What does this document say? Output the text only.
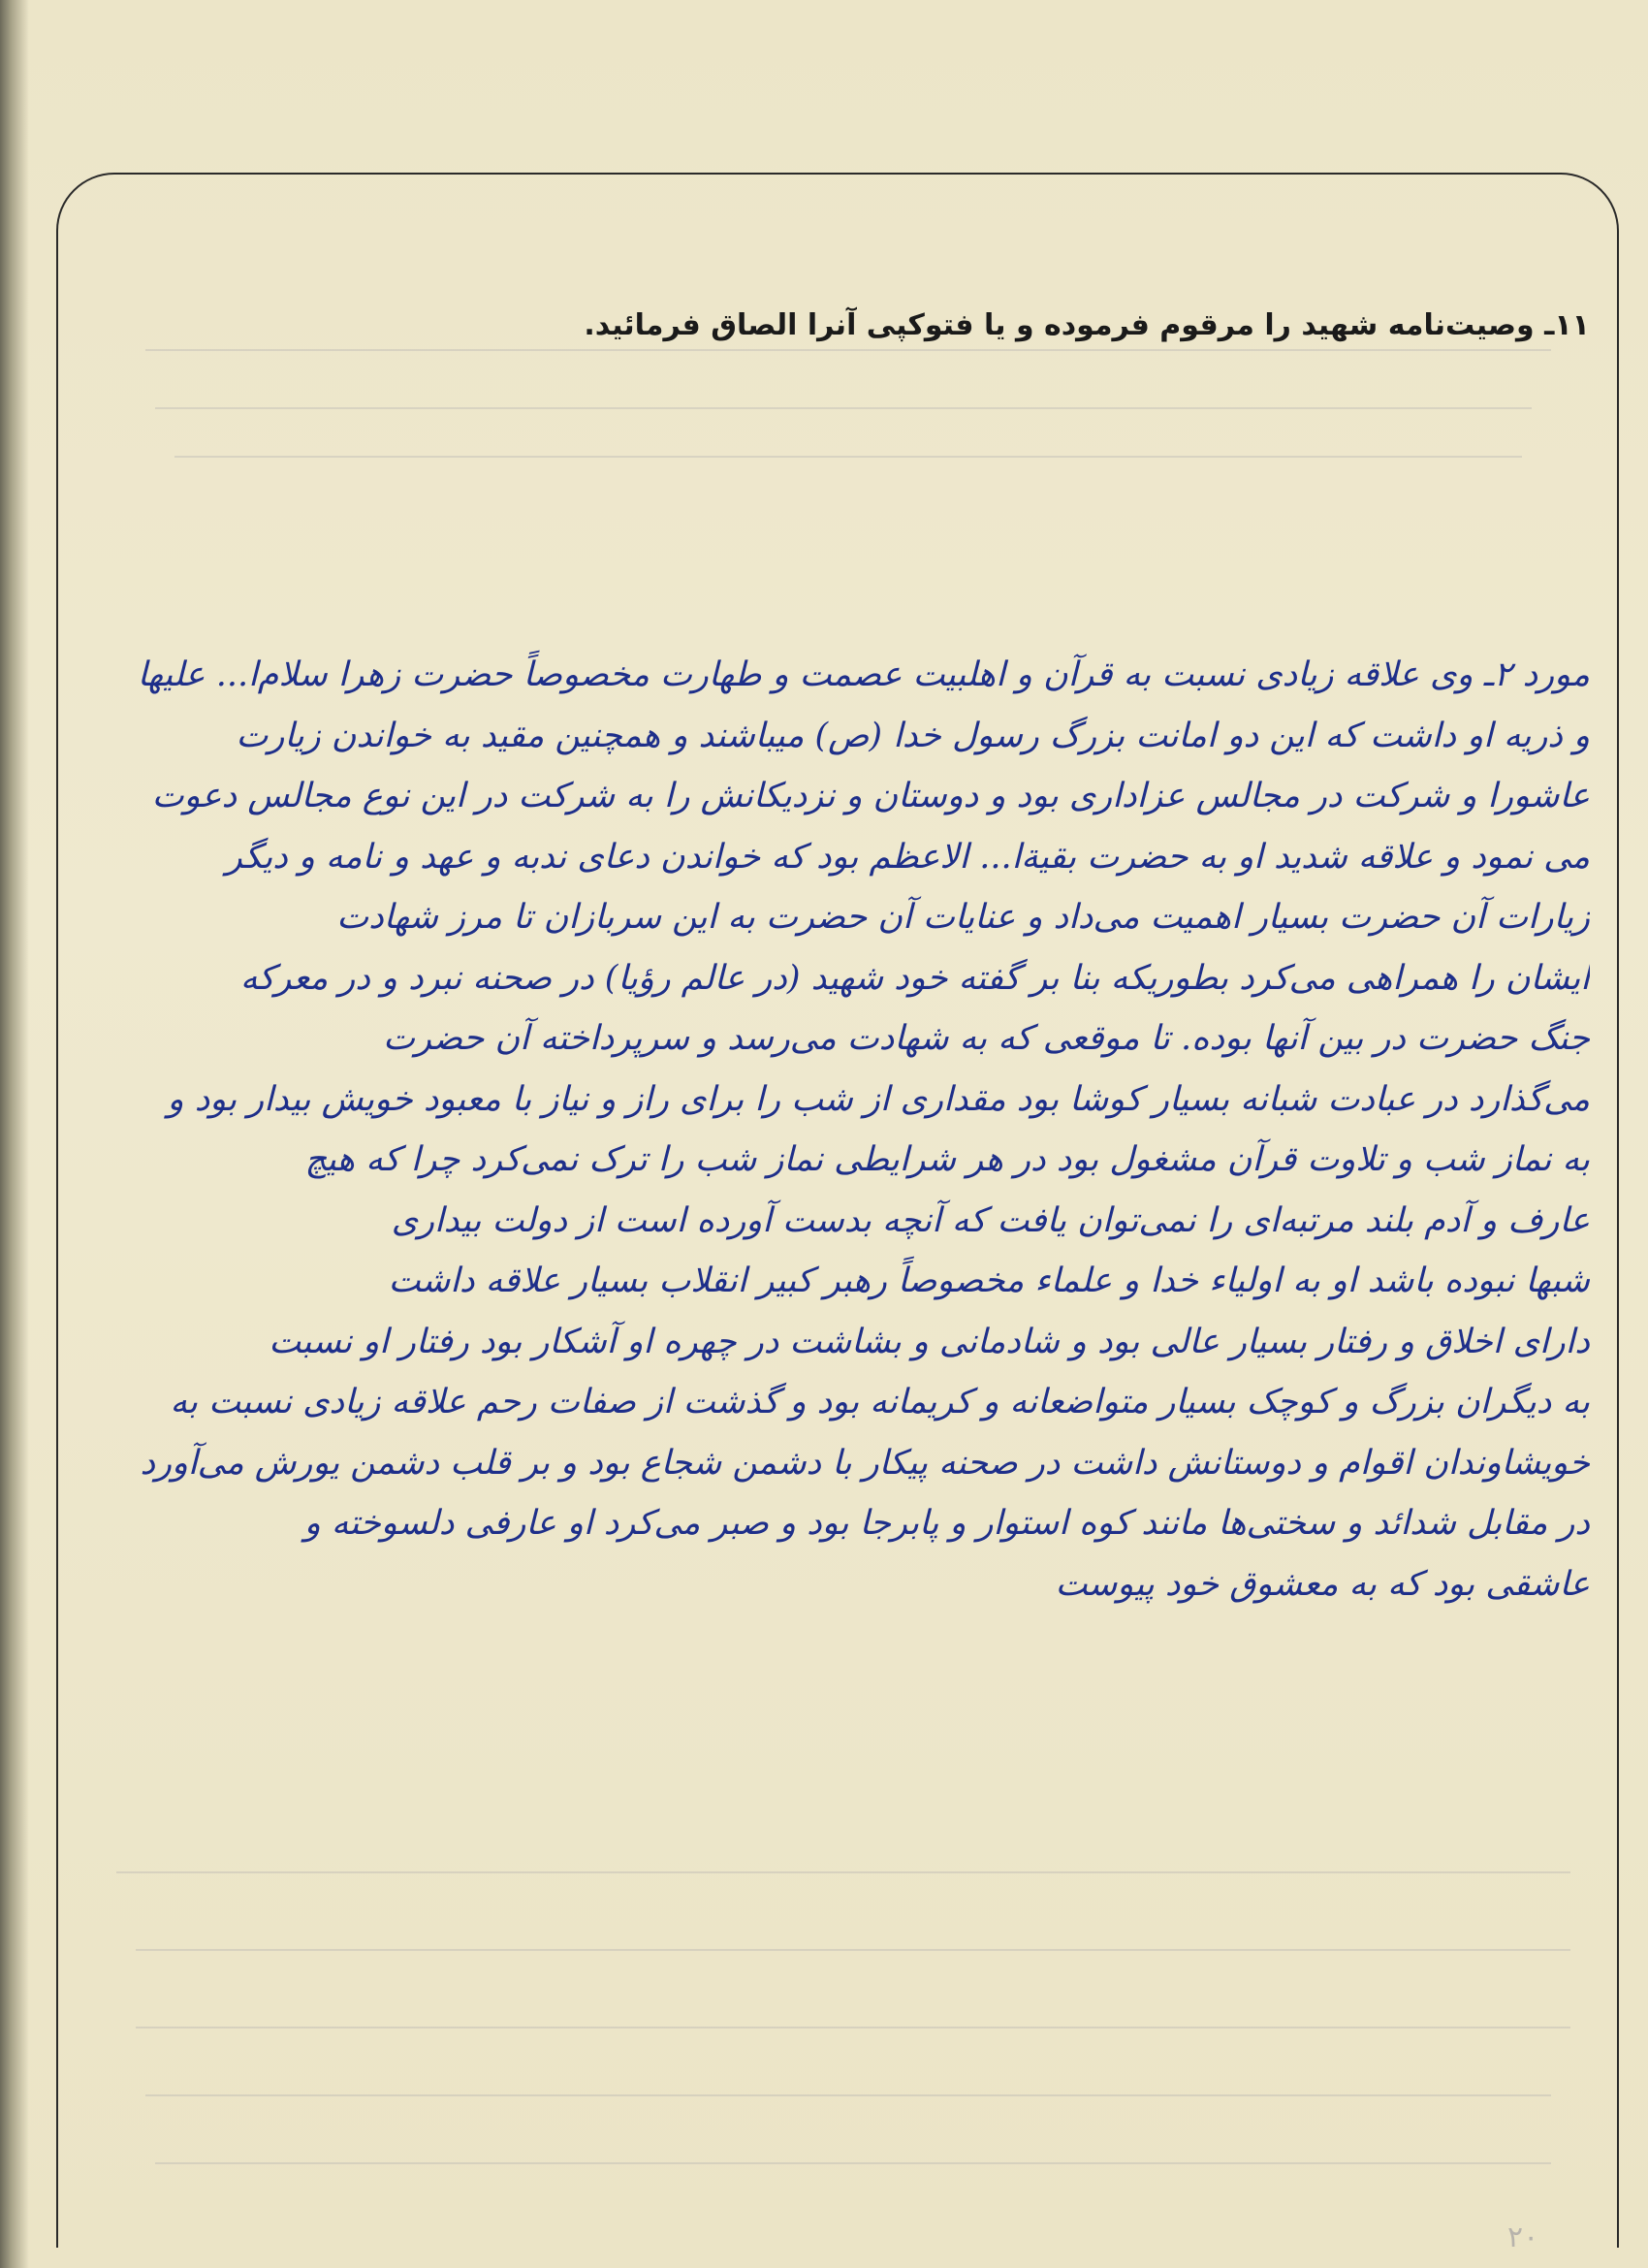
۱۱ـ وصیت‌نامه شهید را مرقوم فرموده و یا فتوکپی آنرا الصاق فرمائید.

مورد ۲ـ وی علاقه زیادی نسبت به قرآن و اهلبیت عصمت و طهارت مخصوصاً حضرت زهرا سلام‌ا... علیها

و ذریه او داشت که این دو امانت بزرگ رسول خدا (ص) میباشند و همچنین مقید به خواندن زیارت

عاشورا و شرکت در مجالس عزاداری بود و دوستان و نزدیکانش را به شرکت در این نوع مجالس دعوت

می نمود و علاقه شدید او به حضرت بقیة‌ا... الاعظم بود که خواندن دعای ندبه و عهد و نامه و دیگر

زیارات آن حضرت بسیار اهمیت می‌داد و عنایات آن حضرت به این سربازان تا مرز شهادت

ایشان را همراهی می‌کرد بطوریکه بنا بر گفته خود شهید (در عالم رؤیا) در صحنه نبرد و در معرکه

جنگ حضرت در بین آنها بوده. تا موقعی که به شهادت می‌رسد و سرپرداخته آن حضرت

می‌گذارد در عبادت شبانه بسیار کوشا بود مقداری از شب را برای راز و نیاز با معبود خویش بیدار بود و

به نماز شب و تلاوت قرآن مشغول بود در هر شرایطی نماز شب را ترک نمی‌کرد چرا که هیچ

عارف و آدم بلند مرتبه‌ای را نمی‌توان یافت که آنچه بدست آورده است از دولت بیداری

شبها نبوده باشد او به اولیاء خدا و علماء مخصوصاً رهبر کبیر انقلاب بسیار علاقه داشت

دارای اخلاق و رفتار بسیار عالی بود و شادمانی و بشاشت در چهره او آشکار بود رفتار او نسبت

به دیگران بزرگ و کوچک بسیار متواضعانه و کریمانه بود و گذشت از صفات رحم علاقه زیادی نسبت به

خویشاوندان اقوام و دوستانش داشت در صحنه پیکار با دشمن شجاع بود و بر قلب دشمن یورش می‌آورد

در مقابل شدائد و سختی‌ها مانند کوه استوار و پابرجا بود و صبر می‌کرد او عارفی دلسوخته و

عاشقی بود که به معشوق خود پیوست

۲۰
